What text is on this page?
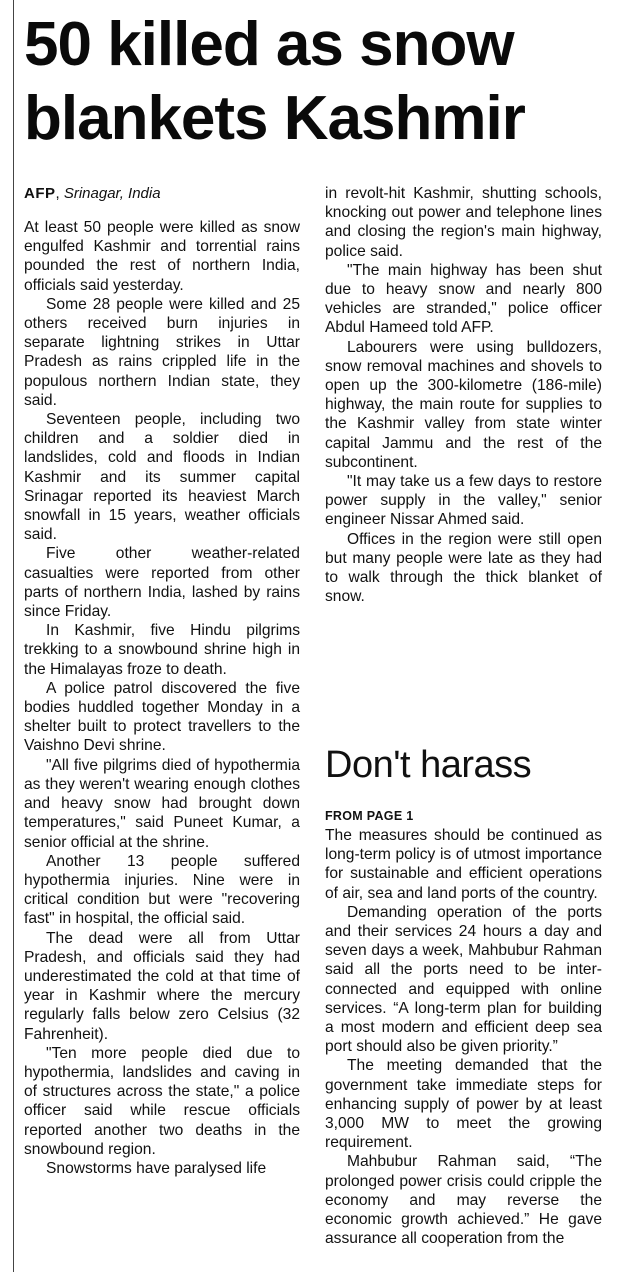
50 killed as snow blankets Kashmir
AFP, Srinagar, India

At least 50 people were killed as snow engulfed Kashmir and torrential rains pounded the rest of northern India, officials said yesterday.

Some 28 people were killed and 25 others received burn injuries in separate lightning strikes in Uttar Pradesh as rains crippled life in the populous northern Indian state, they said.

Seventeen people, including two children and a soldier died in landslides, cold and floods in Indian Kashmir and its summer capital Srinagar reported its heaviest March snowfall in 15 years, weather officials said.

Five other weather-related casualties were reported from other parts of northern India, lashed by rains since Friday.

In Kashmir, five Hindu pilgrims trekking to a snowbound shrine high in the Himalayas froze to death.

A police patrol discovered the five bodies huddled together Monday in a shelter built to protect travellers to the Vaishno Devi shrine.

"All five pilgrims died of hypothermia as they weren't wearing enough clothes and heavy snow had brought down temperatures," said Puneet Kumar, a senior official at the shrine.

Another 13 people suffered hypothermia injuries. Nine were in critical condition but were "recovering fast" in hospital, the official said.

The dead were all from Uttar Pradesh, and officials said they had underestimated the cold at that time of year in Kashmir where the mercury regularly falls below zero Celsius (32 Fahrenheit).

"Ten more people died due to hypothermia, landslides and caving in of structures across the state," a police officer said while rescue officials reported another two deaths in the snowbound region.

Snowstorms have paralysed life

in revolt-hit Kashmir, shutting schools, knocking out power and telephone lines and closing the region's main highway, police said.

"The main highway has been shut due to heavy snow and nearly 800 vehicles are stranded," police officer Abdul Hameed told AFP.

Labourers were using bulldozers, snow removal machines and shovels to open up the 300-kilometre (186-mile) highway, the main route for supplies to the Kashmir valley from state winter capital Jammu and the rest of the subcontinent.

"It may take us a few days to restore power supply in the valley," senior engineer Nissar Ahmed said.

Offices in the region were still open but many people were late as they had to walk through the thick blanket of snow.

Don't harass
FROM PAGE 1

The measures should be continued as long-term policy is of utmost importance for sustainable and efficient operations of air, sea and land ports of the country.

Demanding operation of the ports and their services 24 hours a day and seven days a week, Mahbubur Rahman said all the ports need to be inter-connected and equipped with online services. “A long-term plan for building a most modern and efficient deep sea port should also be given priority.”

The meeting demanded that the government take immediate steps for enhancing supply of power by at least 3,000 MW to meet the growing requirement.

Mahbubur Rahman said, “The prolonged power crisis could cripple the economy and may reverse the economic growth achieved.” He gave assurance all cooperation from the
